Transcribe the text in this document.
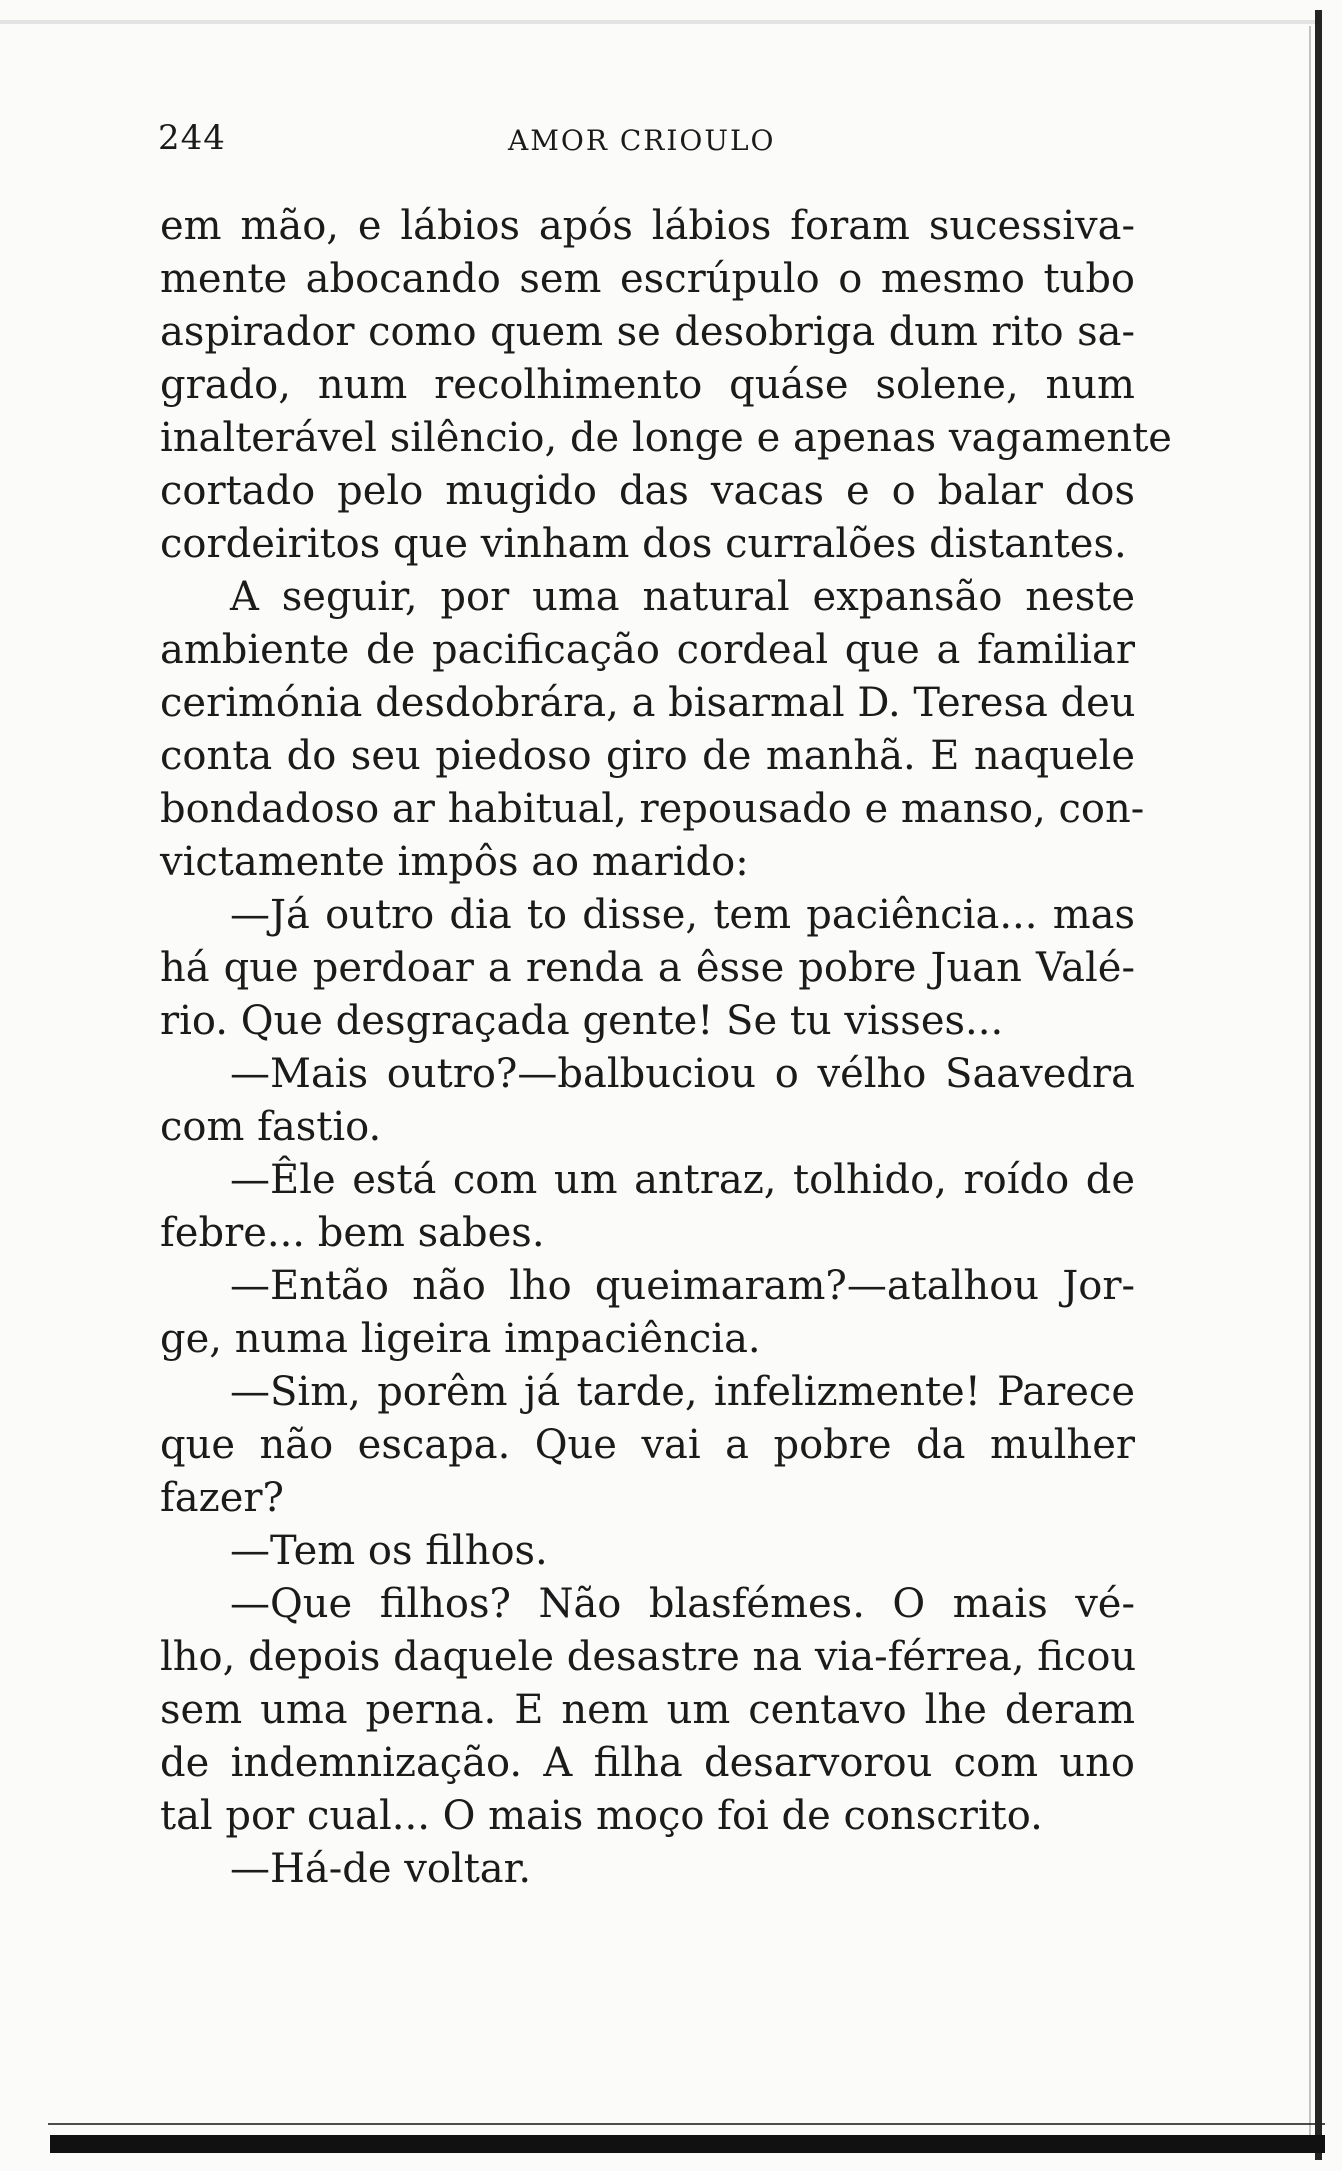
244	AMOR CRIOULO
em mão, e lábios após lábios foram sucessiva-
mente abocando sem escrúpulo o mesmo tubo
aspirador como quem se desobriga dum rito sa-
grado, num recolhimento quáse solene, num
inalterável silêncio, de longe e apenas vagamente
cortado pelo mugido das vacas e o balar dos
cordeiritos que vinham dos curralões distantes.
A seguir, por uma natural expansão neste
ambiente de pacificação cordeal que a familiar
cerimónia desdobrára, a bisarmal D. Teresa deu
conta do seu piedoso giro de manhã. E naquele
bondadoso ar habitual, repousado e manso, con-
victamente impôs ao marido:
—Já outro dia to disse, tem paciência... mas
há que perdoar a renda a êsse pobre Juan Valé-
rio. Que desgraçada gente! Se tu visses...
—Mais outro?—balbuciou o vélho Saavedra
com fastio.
—Êle está com um antraz, tolhido, roído de
febre... bem sabes.
—Então não lho queimaram?—atalhou Jor-
ge, numa ligeira impaciência.
—Sim, porêm já tarde, infelizmente! Parece
que não escapa. Que vai a pobre da mulher
fazer?
—Tem os filhos.
—Que filhos? Não blasfémes. O mais vé-
lho, depois daquele desastre na via-férrea, ficou
sem uma perna. E nem um centavo lhe deram
de indemnização. A filha desarvorou com uno
tal por cual... O mais moço foi de conscrito.
—Há-de voltar.
